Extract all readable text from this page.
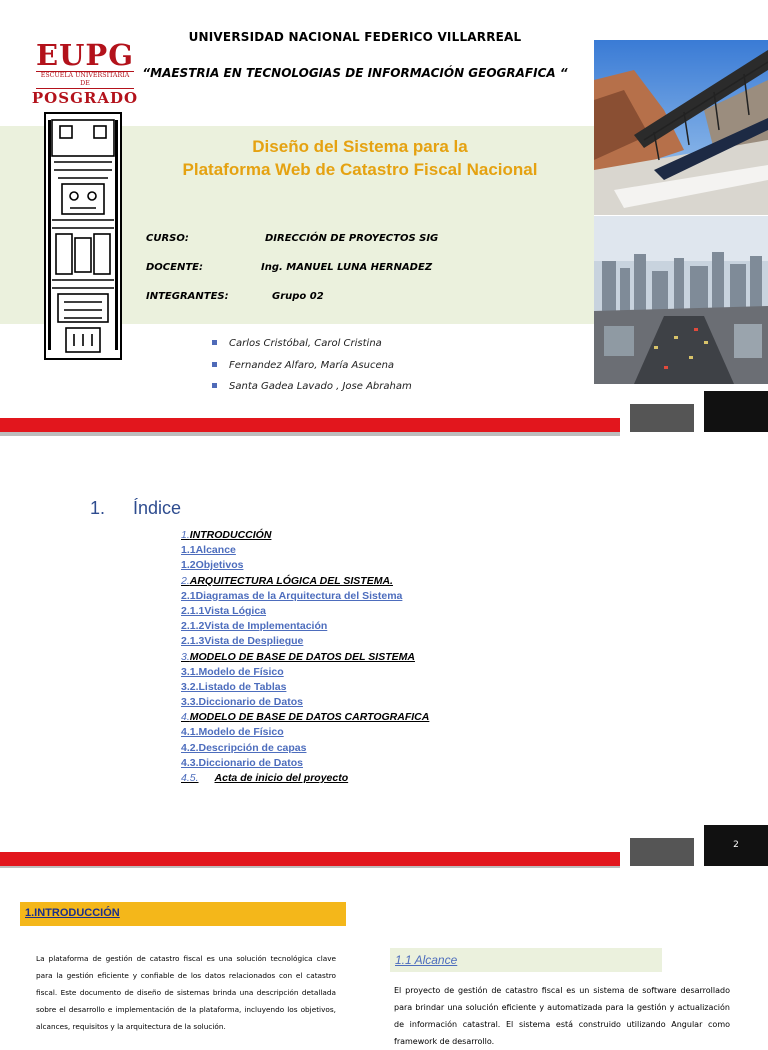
EUPG
ESCUELA UNIVERSITARIA DE
POSGRADO
UNIVERSIDAD NACIONAL FEDERICO VILLARREAL
“MAESTRIA EN TECNOLOGIAS DE INFORMACIÓN GEOGRAFICA “
Diseño del Sistema para la
Plataforma Web de Catastro Fiscal Nacional
CURSO:	DIRECCIÓN DE PROYECTOS SIG
DOCENTE:	Ing. MANUEL LUNA HERNADEZ
INTEGRANTES:	Grupo 02
Carlos Cristóbal, Carol Cristina
Fernandez Alfaro, María Asucena
Santa Gadea Lavado , Jose Abraham
1. Índice
1.INTRODUCCIÓN
1.1Alcance
1.2Objetivos
2.ARQUITECTURA LÓGICA DEL SISTEMA.
2.1Diagramas de la Arquitectura del Sistema
2.1.1Vista Lógica
2.1.2Vista de Implementación
2.1.3Vista de Despliegue
3.MODELO DE BASE DE DATOS DEL SISTEMA
3.1.Modelo de Físico
3.2.Listado de Tablas
3.3.Diccionario de Datos
4.MODELO DE BASE DE DATOS CARTOGRAFICA
4.1.Modelo de Físico
4.2.Descripción de capas
4.3.Diccionario de Datos
4.5. Acta de inicio del proyecto
2
1.INTRODUCCIÓN
La plataforma de gestión de catastro fiscal es una solución tecnológica clave para la gestión eficiente y confiable de los datos relacionados con el catastro fiscal. Este documento de diseño de sistemas brinda una descripción detallada sobre el desarrollo e implementación de la plataforma, incluyendo los objetivos, alcances, requisitos y la arquitectura de la solución.
1.1 Alcance
El proyecto de gestión de catastro fiscal es un sistema de software desarrollado para brindar una solución eficiente y automatizada para la gestión y actualización de información catastral. El sistema está construido utilizando Angular como framework de desarrollo.
